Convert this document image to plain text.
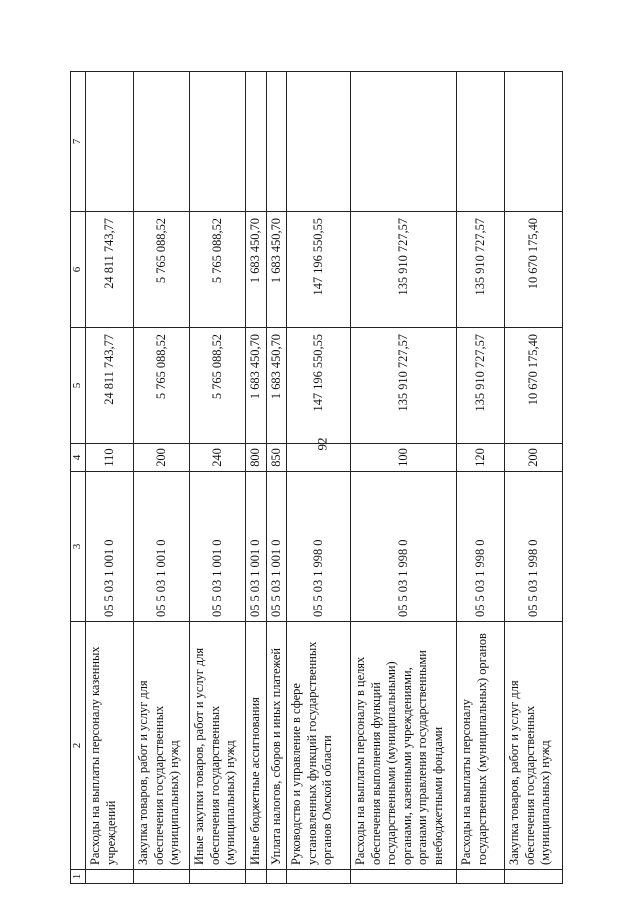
92
1	2	3	4	5	6	7
	Расходы на выплаты персоналу казенных учреждений	05 5 03 1 001 0	110	24 811 743,77	24 811 743,77	
	Закупка товаров, работ и услуг для обеспечения государственных (муниципальных) нужд	05 5 03 1 001 0	200	5 765 088,52	5 765 088,52	
	Иные закупки товаров, работ и услуг для обеспечения государственных (муниципальных) нужд	05 5 03 1 001 0	240	5 765 088,52	5 765 088,52	
	Иные бюджетные ассигнования	05 5 03 1 001 0	800	1 683 450,70	1 683 450,70	
	Уплата налогов, сборов и иных платежей	05 5 03 1 001 0	850	1 683 450,70	1 683 450,70	
	Руководство и управление в сфере установленных функций государственных органов Омской области	05 5 03 1 998 0		147 196 550,55	147 196 550,55	
	Расходы на выплаты персоналу в целях обеспечения выполнения функций государственными (муниципальными) органами, казенными учреждениями, органами управления государственными внебюджетными фондами	05 5 03 1 998 0	100	135 910 727,57	135 910 727,57	
	Расходы на выплаты персоналу государственных (муниципальных) органов	05 5 03 1 998 0	120	135 910 727,57	135 910 727,57	
	Закупка товаров, работ и услуг для обеспечения государственных (муниципальных) нужд	05 5 03 1 998 0	200	10 670 175,40	10 670 175,40	
